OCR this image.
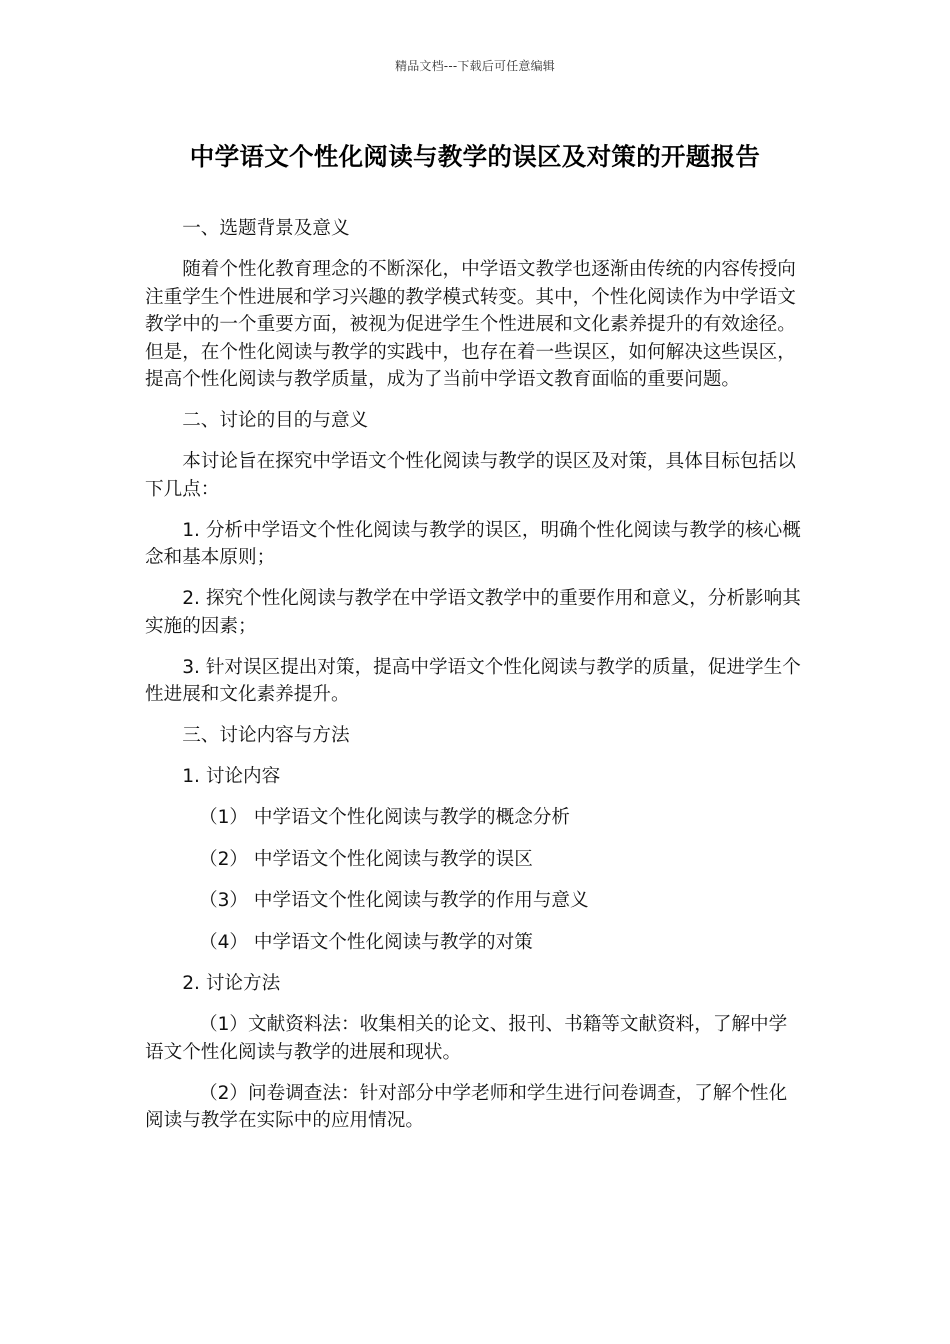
精品文档---下载后可任意编辑
中学语文个性化阅读与教学的误区及对策的开题报告

一、选题背景及意义

随着个性化教育理念的不断深化，中学语文教学也逐渐由传统的内容传授向注重学生个性进展和学习兴趣的教学模式转变。其中，个性化阅读作为中学语文教学中的一个重要方面，被视为促进学生个性进展和文化素养提升的有效途径。但是，在个性化阅读与教学的实践中，也存在着一些误区，如何解决这些误区，提高个性化阅读与教学质量，成为了当前中学语文教育面临的重要问题。

二、讨论的目的与意义

本讨论旨在探究中学语文个性化阅读与教学的误区及对策，具体目标包括以下几点：

1. 分析中学语文个性化阅读与教学的误区，明确个性化阅读与教学的核心概念和基本原则；

2. 探究个性化阅读与教学在中学语文教学中的重要作用和意义，分析影响其实施的因素；

3. 针对误区提出对策，提高中学语文个性化阅读与教学的质量，促进学生个性进展和文化素养提升。

三、讨论内容与方法

1. 讨论内容

（1） 中学语文个性化阅读与教学的概念分析

（2） 中学语文个性化阅读与教学的误区

（3） 中学语文个性化阅读与教学的作用与意义

（4） 中学语文个性化阅读与教学的对策

2. 讨论方法

（1）文献资料法：收集相关的论文、报刊、书籍等文献资料，了解中学语文个性化阅读与教学的进展和现状。

（2）问卷调查法：针对部分中学老师和学生进行问卷调查，了解个性化阅读与教学在实际中的应用情况。
